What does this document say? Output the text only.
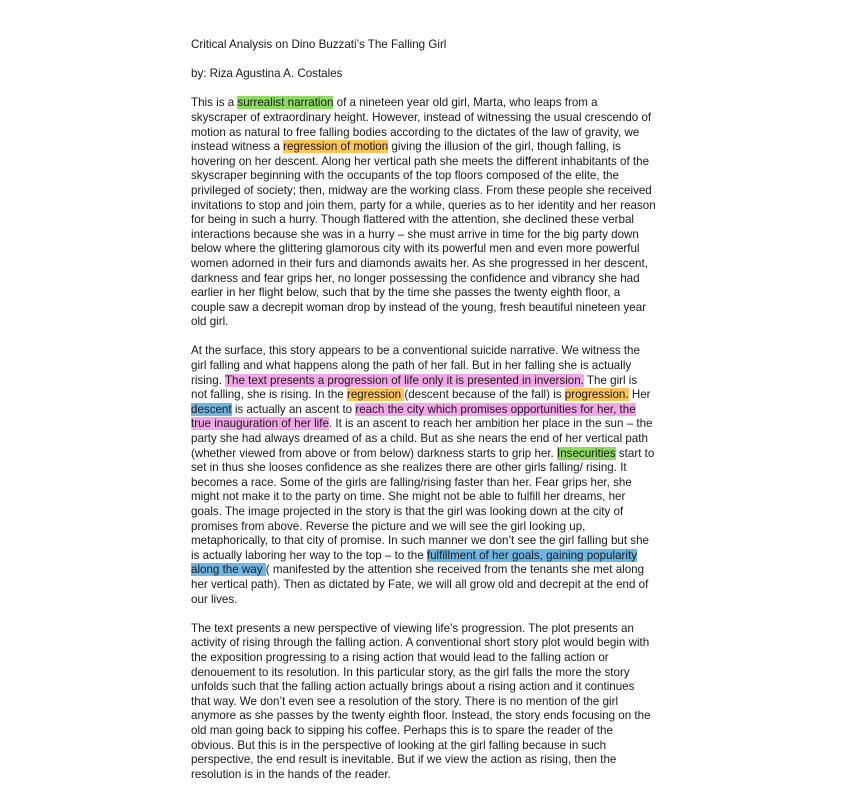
Critical Analysis on Dino Buzzati’s The Falling Girl

by: Riza Agustina A. Costales

This is a surrealist narration of a nineteen year old girl, Marta, who leaps from a
skyscraper of extraordinary height. However, instead of witnessing the usual crescendo of
motion as natural to free falling bodies according to the dictates of the law of gravity, we
instead witness a regression of motion giving the illusion of the girl, though falling, is
hovering on her descent. Along her vertical path she meets the different inhabitants of the
skyscraper beginning with the occupants of the top floors composed of the elite, the
privileged of society; then, midway are the working class. From these people she received
invitations to stop and join them, party for a while, queries as to her identity and her reason
for being in such a hurry. Though flattered with the attention, she declined these verbal
interactions because she was in a hurry – she must arrive in time for the big party down
below where the glittering glamorous city with its powerful men and even more powerful
women adorned in their furs and diamonds awaits her. As she progressed in her descent,
darkness and fear grips her, no longer possessing the confidence and vibrancy she had
earlier in her flight below, such that by the time she passes the twenty eighth floor, a
couple saw a decrepit woman drop by instead of the young, fresh beautiful nineteen year
old girl.

At the surface, this story appears to be a conventional suicide narrative. We witness the
girl falling and what happens along the path of her fall. But in her falling she is actually
rising. The text presents a progression of life only it is presented in inversion. The girl is
not falling, she is rising. In the regression (descent because of the fall) is progression. Her
descent is actually an ascent to reach the city which promises opportunities for her, the
true inauguration of her life. It is an ascent to reach her ambition her place in the sun – the
party she had always dreamed of as a child. But as she nears the end of her vertical path
(whether viewed from above or from below) darkness starts to grip her. Insecurities start to
set in thus she looses confidence as she realizes there are other girls falling/ rising. It
becomes a race. Some of the girls are falling/rising faster than her. Fear grips her, she
might not make it to the party on time. She might not be able to fulfill her dreams, her
goals. The image projected in the story is that the girl was looking down at the city of
promises from above. Reverse the picture and we will see the girl looking up,
metaphorically, to that city of promise. In such manner we don’t see the girl falling but she
is actually laboring her way to the top – to the fulfillment of her goals, gaining popularity
along the way ( manifested by the attention she received from the tenants she met along
her vertical path). Then as dictated by Fate, we will all grow old and decrepit at the end of
our lives.

The text presents a new perspective of viewing life’s progression. The plot presents an
activity of rising through the falling action. A conventional short story plot would begin with
the exposition progressing to a rising action that would lead to the falling action or
denouement to its resolution. In this particular story, as the girl falls the more the story
unfolds such that the falling action actually brings about a rising action and it continues
that way. We don’t even see a resolution of the story. There is no mention of the girl
anymore as she passes by the twenty eighth floor. Instead, the story ends focusing on the
old man going back to sipping his coffee. Perhaps this is to spare the reader of the
obvious. But this is in the perspective of looking at the girl falling because in such
perspective, the end result is inevitable. But if we view the action as rising, then the
resolution is in the hands of the reader.
